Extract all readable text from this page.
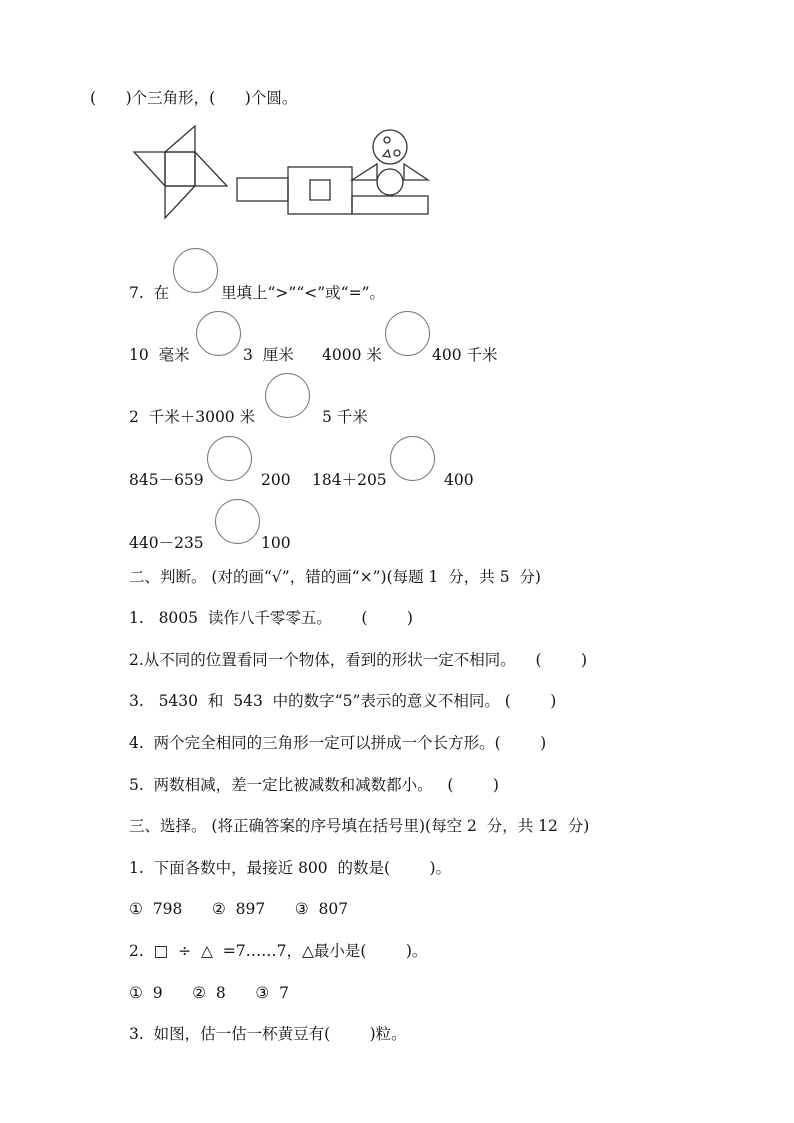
(      )个三角形，(      )个圆。
7.  在	里填上“>”“<”或“=”。
10  毫米	3  厘米 4000 米	400 千米
2  千米＋3000 米	5 千米
845－659	200 184＋205	400
440－235	100
二、判断。 (对的画“√”，错的画“×”)(每题 1  分，共 5  分)
1.   8005  读作八千零零五。      (        )
2.从不同的位置看同一个物体，看到的形状一定不相同。    (        )
3.   5430  和  543  中的数字“5”表示的意义不相同。 (        )
4.  两个完全相同的三角形一定可以拼成一个长方形。(        )
5.  两数相减，差一定比被减数和减数都小。   (        )
三、选择。 (将正确答案的序号填在括号里)(每空 2  分，共 12  分)
1.  下面各数中，最接近 800  的数是(        )。
①  798      ②  897      ③  807
2.  □  ÷  △  =7……7，△最小是(        )。
①  9      ②  8      ③  7
3.  如图，估一估一杯黄豆有(        )粒。
